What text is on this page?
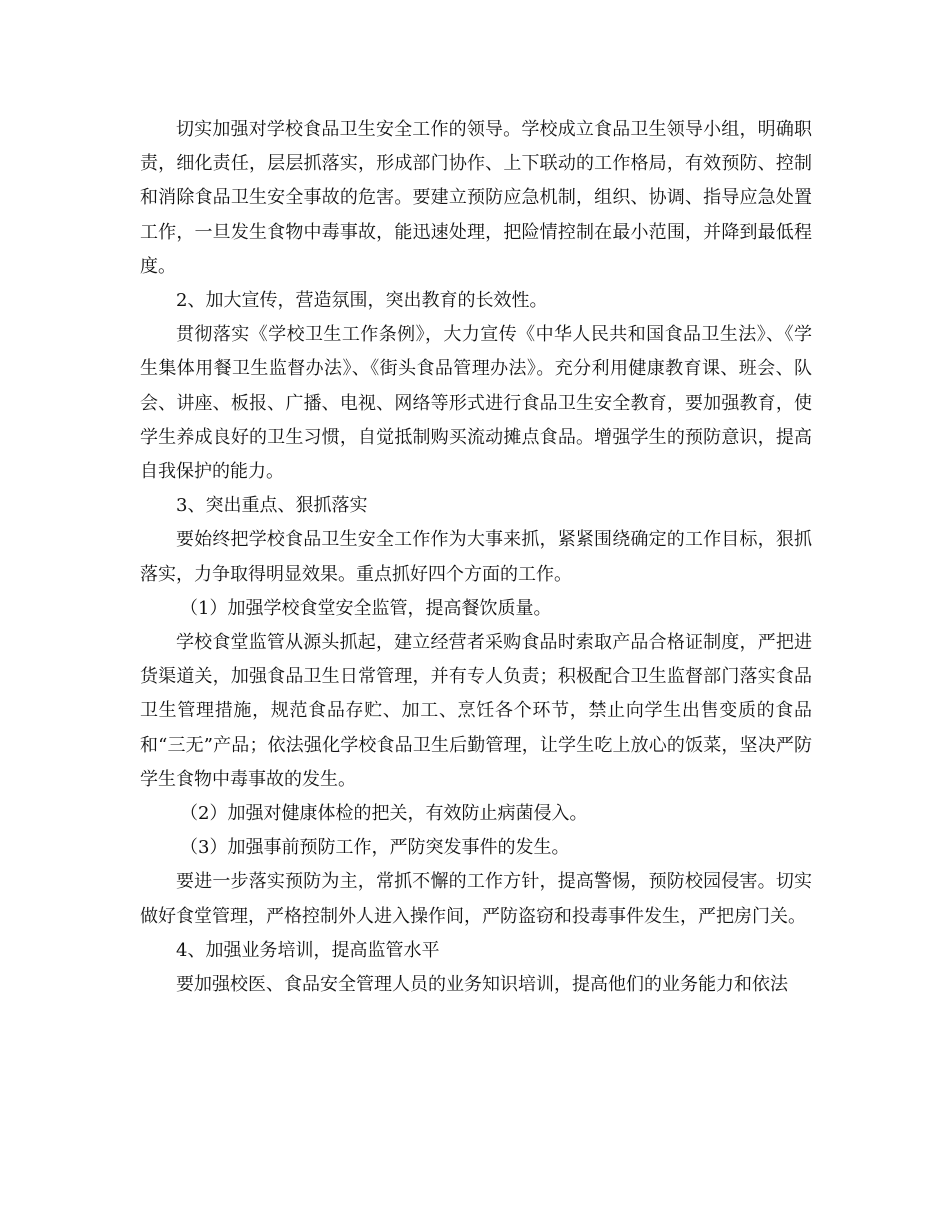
切实加强对学校食品卫生安全工作的领导。学校成立食品卫生领导小组，明确职责，细化责任，层层抓落实，形成部门协作、上下联动的工作格局，有效预防、控制和消除食品卫生安全事故的危害。要建立预防应急机制，组织、协调、指导应急处置工作，一旦发生食物中毒事故，能迅速处理，把险情控制在最小范围，并降到最低程度。

2、加大宣传，营造氛围，突出教育的长效性。

贯彻落实《学校卫生工作条例》，大力宣传《中华人民共和国食品卫生法》、《学生集体用餐卫生监督办法》、《街头食品管理办法》。充分利用健康教育课、班会、队会、讲座、板报、广播、电视、网络等形式进行食品卫生安全教育，要加强教育，使学生养成良好的卫生习惯，自觉抵制购买流动摊点食品。增强学生的预防意识，提高自我保护的能力。

3、突出重点、狠抓落实

要始终把学校食品卫生安全工作作为大事来抓，紧紧围绕确定的工作目标，狠抓落实，力争取得明显效果。重点抓好四个方面的工作。

（1）加强学校食堂安全监管，提高餐饮质量。

学校食堂监管从源头抓起，建立经营者采购食品时索取产品合格证制度，严把进货渠道关，加强食品卫生日常管理，并有专人负责；积极配合卫生监督部门落实食品卫生管理措施，规范食品存贮、加工、烹饪各个环节，禁止向学生出售变质的食品和“三无”产品；依法强化学校食品卫生后勤管理，让学生吃上放心的饭菜，坚决严防学生食物中毒事故的发生。

（2）加强对健康体检的把关，有效防止病菌侵入。

（3）加强事前预防工作，严防突发事件的发生。

要进一步落实预防为主，常抓不懈的工作方针，提高警惕，预防校园侵害。切实做好食堂管理，严格控制外人进入操作间，严防盗窃和投毒事件发生，严把房门关。

4、加强业务培训，提高监管水平

要加强校医、食品安全管理人员的业务知识培训，提高他们的业务能力和依法
